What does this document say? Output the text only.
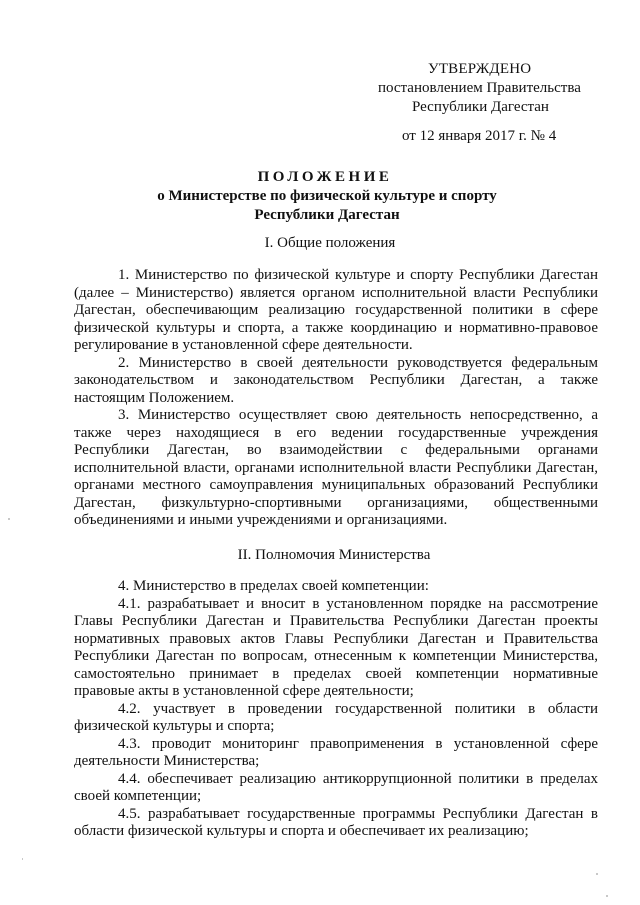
УТВЕРЖДЕНО
постановлением Правительства
Республики Дагестан
от 12 января 2017 г. № 4
ПОЛОЖЕНИЕ
о Министерстве по физической культуре и спорту
Республики Дагестан
I. Общие положения

1. Министерство по физической культуре и спорту Республики Дагестан (далее – Министерство) является органом исполнительной власти Республики Дагестан, обеспечивающим реализацию государственной политики в сфере физической культуры и спорта, а также координацию и нормативно-правовое регулирование в установленной сфере деятельности.

2. Министерство в своей деятельности руководствуется федеральным законодательством и законодательством Республики Дагестан, а также настоящим Положением.

3. Министерство осуществляет свою деятельность непосредственно, а также через находящиеся в его ведении государственные учреждения Республики Дагестан, во взаимодействии с федеральными органами исполнительной власти, органами исполнительной власти Республики Дагестан, органами местного самоуправления муниципальных образований Республики Дагестан, физкультурно-спортивными организациями, общественными объединениями и иными учреждениями и организациями.

II. Полномочия Министерства

4. Министерство в пределах своей компетенции:

4.1. разрабатывает и вносит в установленном порядке на рассмотрение Главы Республики Дагестан и Правительства Республики Дагестан проекты нормативных правовых актов Главы Республики Дагестан и Правительства Республики Дагестан по вопросам, отнесенным к компетенции Министерства, самостоятельно принимает в пределах своей компетенции нормативные правовые акты в установленной сфере деятельности;

4.2. участвует в проведении государственной политики в области физической культуры и спорта;

4.3. проводит мониторинг правоприменения в установленной сфере деятельности Министерства;

4.4. обеспечивает реализацию антикоррупционной политики в пределах своей компетенции;

4.5. разрабатывает государственные программы Республики Дагестан в области физической культуры и спорта и обеспечивает их реализацию;
